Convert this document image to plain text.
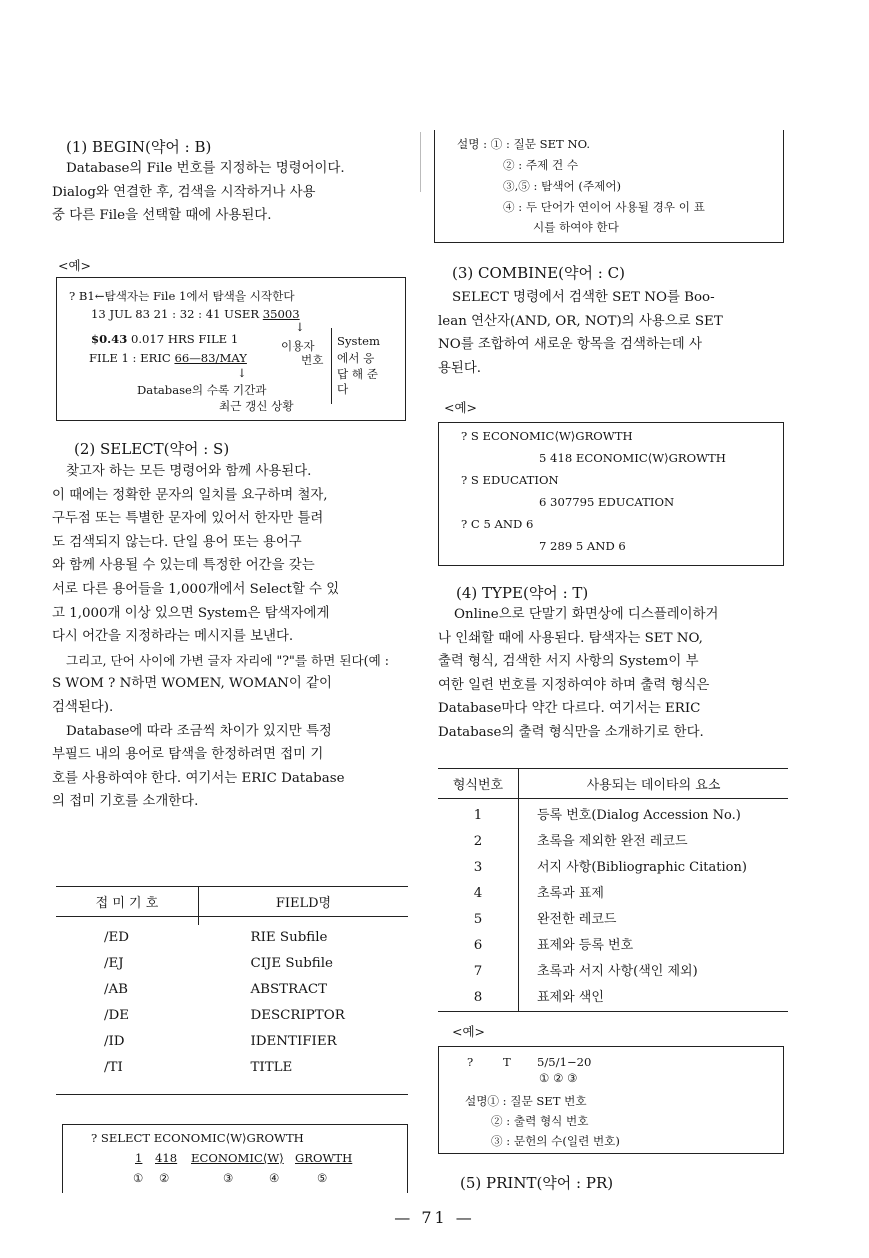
(1) BEGIN(약어 : B)
Database의 File 번호를 지정하는 명령어이다.
Dialog와 연결한 후, 검색을 시작하거나 사용
중 다른 File을 선택할 때에 사용된다.
<예>
? B1←탐색자는 File 1에서 탐색을 시작한다
13 JUL 83 21 : 32 : 41 USER 35003
↓
$0.43 0.017 HRS FILE 1	이용자
FILE 1 : ERIC 66—83/MAY	번호
↓
Database의 수록 기간과
최근 갱신 상황
System
에서 응
답 해 준
다
(2) SELECT(약어 : S)
찾고자 하는 모든 명령어와 함께 사용된다.
이 때에는 정확한 문자의 일치를 요구하며 철자,
구두점 또는 특별한 문자에 있어서 한자만 틀려
도 검색되지 않는다. 단일 용어 또는 용어구
와 함께 사용될 수 있는데 특정한 어간을 갖는
서로 다른 용어들을 1,000개에서 Select할 수 있
고 1,000개 이상 있으면 System은 탐색자에게
다시 어간을 지정하라는 메시지를 보낸다.
그리고, 단어 사이에 가변 글자 자리에 "?"를 하면 된다(예 :
S WOM ? N하면 WOMEN, WOMAN이 같이
검색된다).
Database에 따라 조금씩 차이가 있지만 특정
부필드 내의 용어로 탐색을 한정하려면 접미 기
호를 사용하여야 한다. 여기서는 ERIC Database
의 접미 기호를 소개한다.
접 미 기 호	FIELD명

/ED	RIE Subfile
/EJ	CIJE Subfile
/AB	ABSTRACT
/DE	DESCRIPTOR
/ID	IDENTIFIER
/TI	TITLE

? SELECT ECONOMIC⟨W⟩GROWTH
1 418 ECONOMIC⟨W⟩ GROWTH
① ②	③	④	⑤
설명 : ① : 질문 SET NO.
② : 주제 건 수
③,⑤ : 탐색어 (주제어)
④ : 두 단어가 연이어 사용될 경우 이 표
시를 하여야 한다
(3) COMBINE(약어 : C)
SELECT 명령에서 검색한 SET NO를 Boo-
lean 연산자(AND, OR, NOT)의 사용으로 SET
NO를 조합하여 새로운 항목을 검색하는데 사
용된다.
<예>
? S ECONOMIC⟨W⟩GROWTH
5 418 ECONOMIC⟨W⟩GROWTH
? S EDUCATION
6 307795 EDUCATION
? C 5 AND 6
7 289 5 AND 6
(4) TYPE(약어 : T)
Online으로 단말기 화면상에 디스플레이하거
나 인쇄할 때에 사용된다. 탐색자는 SET NO,
출력 형식, 검색한 서지 사항의 System이 부
여한 일련 번호를 지정하여야 하며 출력 형식은
Database마다 약간 다르다. 여기서는 ERIC
Database의 출력 형식만을 소개하기로 한다.
형식번호	사용되는 데이타의 요소

1	등록 번호(Dialog Accession No.)
2	초록을 제외한 완전 레코드
3	서지 사항(Bibliographic Citation)
4	초록과 표제
5	완전한 레코드
6	표제와 등록 번호
7	초록과 서지 사항(색인 제외)
8	표제와 색인
<예>
?	T 5/5/1−20
① ② ③
설명① : 질문 SET 번호
② : 출력 형식 번호
③ : 문헌의 수(일련 번호)
(5) PRINT(약어 : PR)
— 71 —
